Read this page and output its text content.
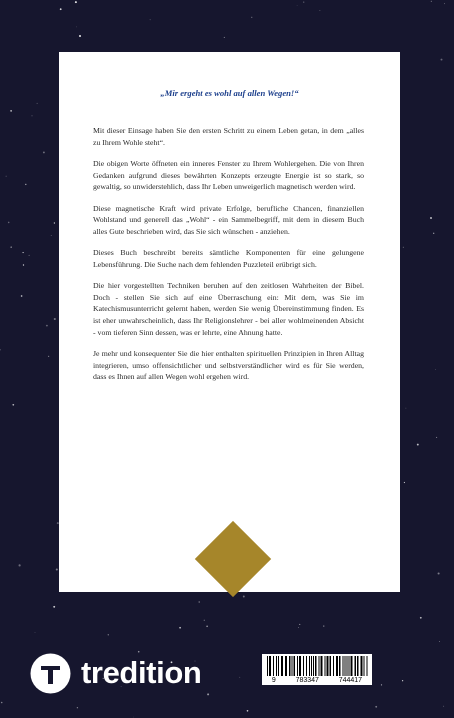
„Mir ergeht es wohl auf allen Wegen!“

Mit dieser Einsage haben Sie den ersten Schritt zu einem Leben getan, in dem „alles zu Ihrem Wohle steht“.

Die obigen Worte öffneten ein inneres Fenster zu Ihrem Wohlergehen. Die von Ihren Gedanken aufgrund dieses bewährten Konzepts erzeugte Energie ist so stark, so gewaltig, so unwiderstehlich, dass Ihr Leben unweigerlich magnetisch werden wird.

Diese magnetische Kraft wird private Erfolge, berufliche Chancen, finanziellen Wohlstand und generell das „Wohl“ - ein Sammelbegriff, mit dem in diesem Buch alles Gute beschrieben wird, das Sie sich wünschen - anziehen.

Dieses Buch beschreibt bereits sämtliche Komponenten für eine gelungene Lebensführung. Die Suche nach dem fehlenden Puzzleteil erübrigt sich.

Die hier vorgestellten Techniken beruhen auf den zeitlosen Wahrheiten der Bibel. Doch - stellen Sie sich auf eine Überraschung ein: Mit dem, was Sie im Katechismusunterricht gelernt haben, werden Sie wenig Übereinstimmung finden. Es ist eher unwahrscheinlich, dass Ihr Religionslehrer - bei aller wohlmeinenden Absicht - vom tieferen Sinn dessen, was er lehrte, eine Ahnung hatte.

Je mehr und konsequenter Sie die hier enthalten spirituellen Prinzipien in Ihren Alltag integrieren, umso offensichtlicher und selbstverständlicher wird es für Sie werden, dass es Ihnen auf allen Wegen wohl ergehen wird.

tredition	9	783347	744417
